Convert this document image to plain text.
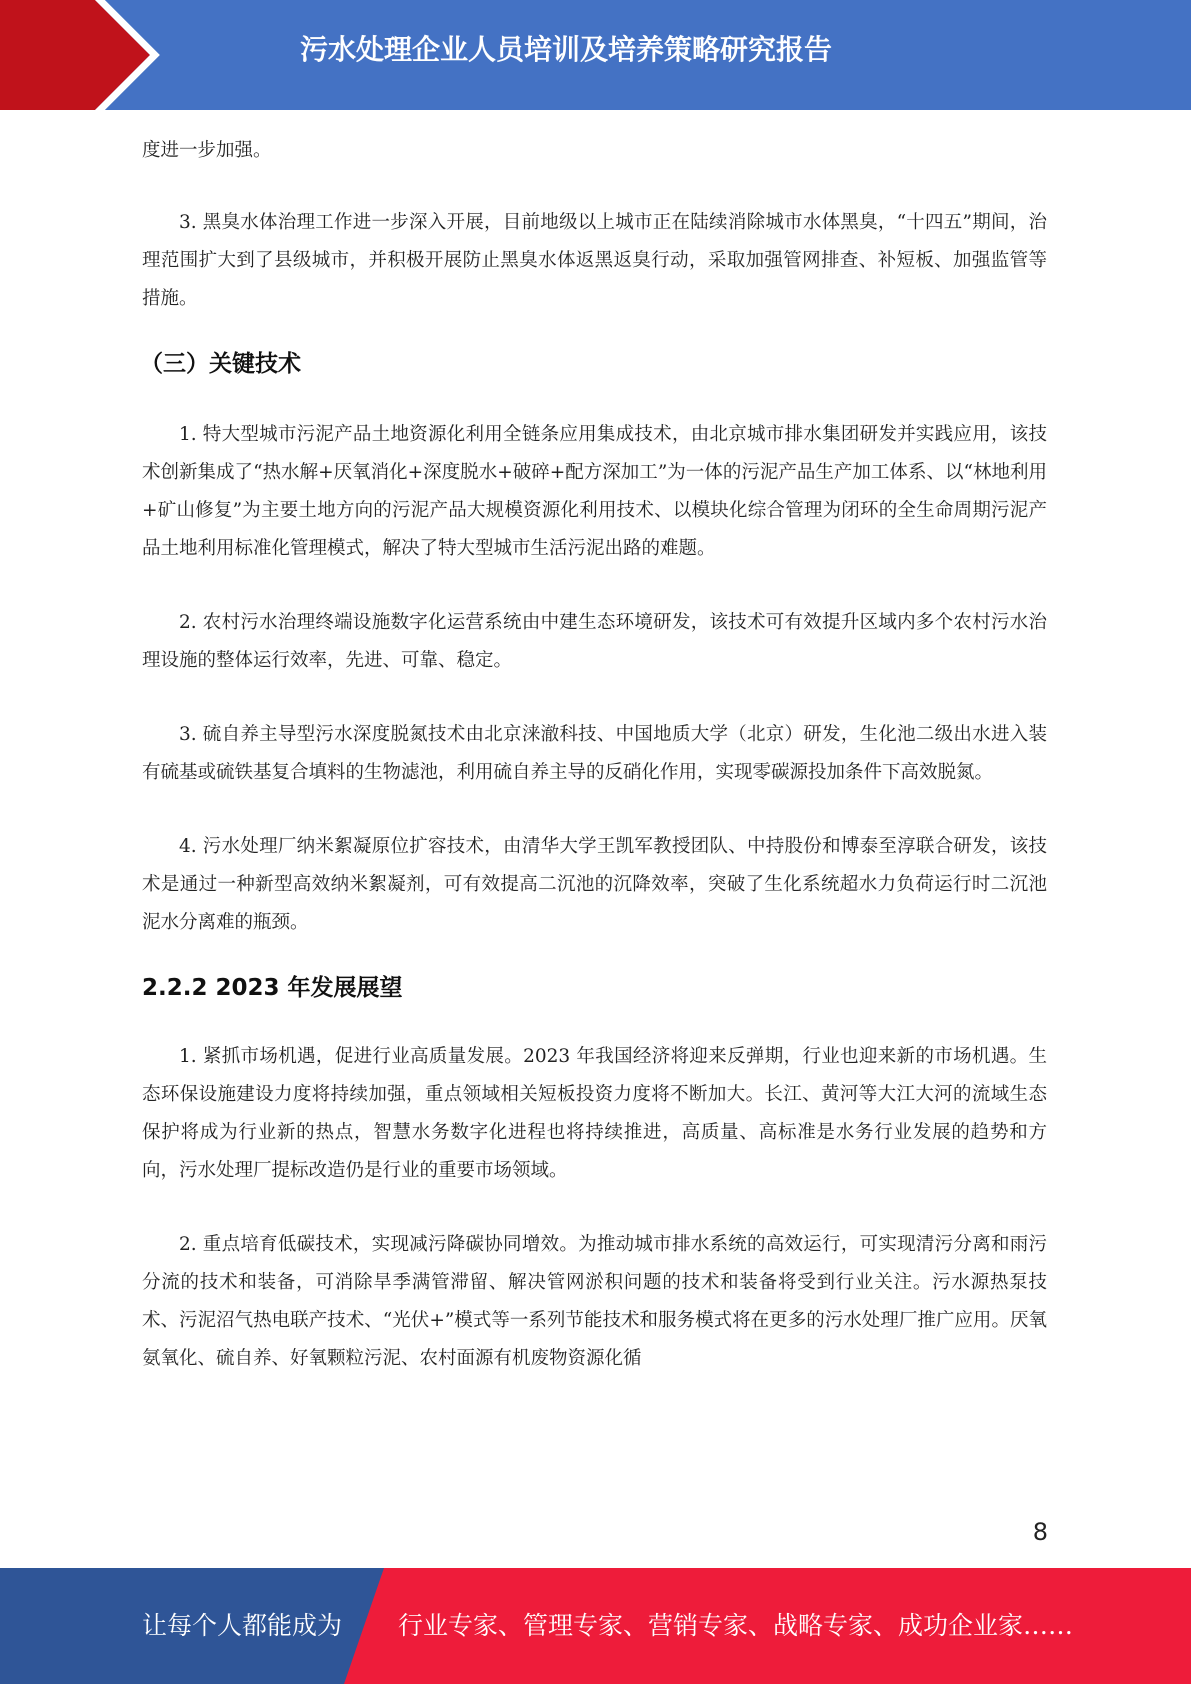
污水处理企业人员培训及培养策略研究报告

度进一步加强。

3. 黑臭水体治理工作进一步深入开展，目前地级以上城市正在陆续消除城市水体黑臭，“十四五”期间，治理范围扩大到了县级城市，并积极开展防止黑臭水体返黑返臭行动，采取加强管网排查、补短板、加强监管等措施。

（三）关键技术

1. 特大型城市污泥产品土地资源化利用全链条应用集成技术，由北京城市排水集团研发并实践应用，该技术创新集成了“热水解+厌氧消化+深度脱水+破碎+配方深加工”为一体的污泥产品生产加工体系、以“林地利用+矿山修复”为主要土地方向的污泥产品大规模资源化利用技术、以模块化综合管理为闭环的全生命周期污泥产品土地利用标准化管理模式，解决了特大型城市生活污泥出路的难题。

2. 农村污水治理终端设施数字化运营系统由中建生态环境研发，该技术可有效提升区域内多个农村污水治理设施的整体运行效率，先进、可靠、稳定。

3. 硫自养主导型污水深度脱氮技术由北京涞澈科技、中国地质大学（北京）研发，生化池二级出水进入装有硫基或硫铁基复合填料的生物滤池，利用硫自养主导的反硝化作用，实现零碳源投加条件下高效脱氮。

4. 污水处理厂纳米絮凝原位扩容技术，由清华大学王凯军教授团队、中持股份和博泰至淳联合研发，该技术是通过一种新型高效纳米絮凝剂，可有效提高二沉池的沉降效率，突破了生化系统超水力负荷运行时二沉池泥水分离难的瓶颈。

2.2.2 2023 年发展展望

1. 紧抓市场机遇，促进行业高质量发展。2023 年我国经济将迎来反弹期，行业也迎来新的市场机遇。生态环保设施建设力度将持续加强，重点领域相关短板投资力度将不断加大。长江、黄河等大江大河的流域生态保护将成为行业新的热点，智慧水务数字化进程也将持续推进，高质量、高标准是水务行业发展的趋势和方向，污水处理厂提标改造仍是行业的重要市场领域。

2. 重点培育低碳技术，实现减污降碳协同增效。为推动城市排水系统的高效运行，可实现清污分离和雨污分流的技术和装备，可消除旱季满管滞留、解决管网淤积问题的技术和装备将受到行业关注。污水源热泵技术、污泥沼气热电联产技术、“光伏+”模式等一系列节能技术和服务模式将在更多的污水处理厂推广应用。厌氧氨氧化、硫自养、好氧颗粒污泥、农村面源有机废物资源化循

8
让每个人都能成为 行业专家、管理专家、营销专家、战略专家、成功企业家……
